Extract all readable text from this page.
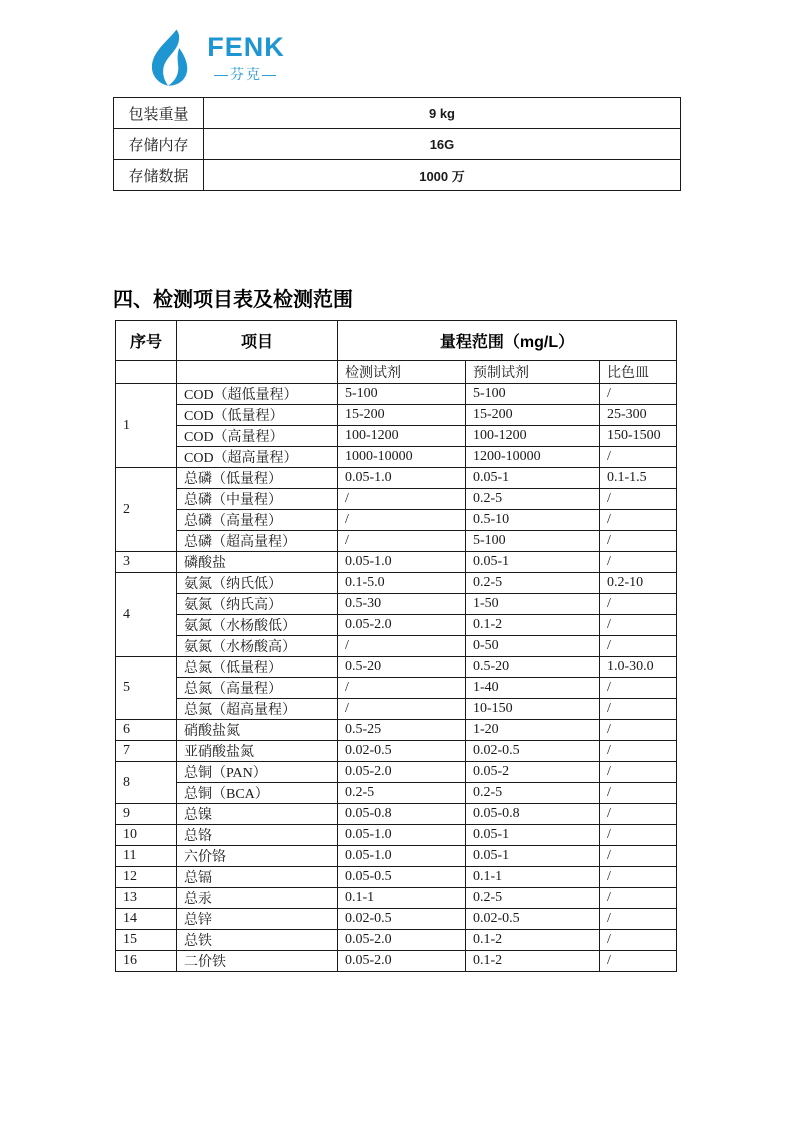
FENK
—芬克—
包装重量	9 kg
存储内存	16G
存储数据	1000 万
四、检测项目表及检测范围
序号	项目	量程范围（mg/L）		
		检测试剂	预制试剂	比色皿
1	COD（超低量程）	5-100	5-100	/
	COD（低量程）	15-200	15-200	25-300
	COD（高量程）	100-1200	100-1200	150-1500
	COD（超高量程）	1000-10000	1200-10000	/
2	总磷（低量程）	0.05-1.0	0.05-1	0.1-1.5
	总磷（中量程）	/	0.2-5	/
	总磷（高量程）	/	0.5-10	/
	总磷（超高量程）	/	5-100	/
3	磷酸盐	0.05-1.0	0.05-1	/
4	氨氮（纳氏低）	0.1-5.0	0.2-5	0.2-10
	氨氮（纳氏高）	0.5-30	1-50	/
	氨氮（水杨酸低）	0.05-2.0	0.1-2	/
	氨氮（水杨酸高）	/	0-50	/
5	总氮（低量程）	0.5-20	0.5-20	1.0-30.0
	总氮（高量程）	/	1-40	/
	总氮（超高量程）	/	10-150	/
6	硝酸盐氮	0.5-25	1-20	/
7	亚硝酸盐氮	0.02-0.5	0.02-0.5	/
8	总铜（PAN）	0.05-2.0	0.05-2	/
	总铜（BCA）	0.2-5	0.2-5	/
9	总镍	0.05-0.8	0.05-0.8	/
10	总铬	0.05-1.0	0.05-1	/
11	六价铬	0.05-1.0	0.05-1	/
12	总镉	0.05-0.5	0.1-1	/
13	总汞	0.1-1	0.2-5	/
14	总锌	0.02-0.5	0.02-0.5	/
15	总铁	0.05-2.0	0.1-2	/
16	二价铁	0.05-2.0	0.1-2	/
